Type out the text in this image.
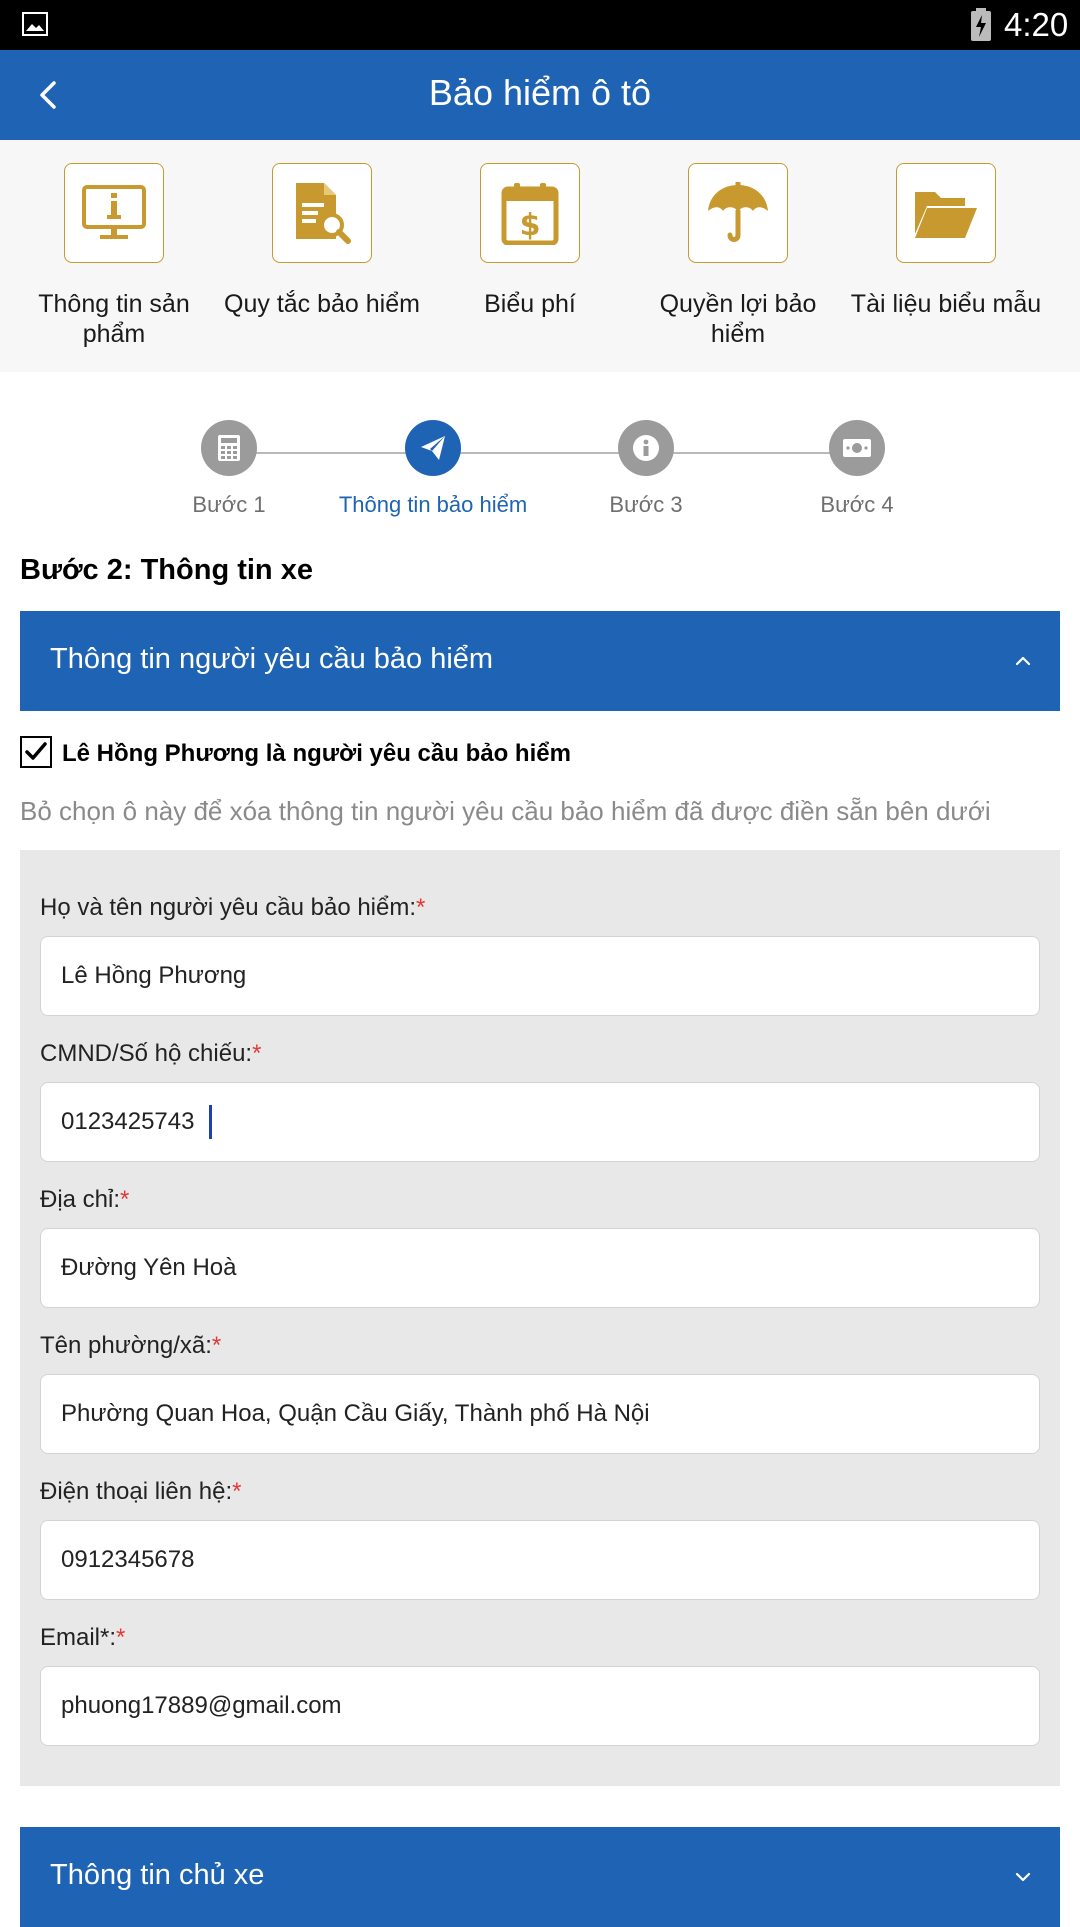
4:20
Bảo hiểm ô tô
Thông tin sản phẩm
Quy tắc bảo hiểm
$
Biểu phí	Quyền lợi bảo hiểm
Tài liệu biểu mẫu
Bước 1	Thông tin bảo hiểm	Bước 3	Bước 4
Bước 2: Thông tin xe
Thông tin người yêu cầu bảo hiểm
Lê Hồng Phương là người yêu cầu bảo hiểm
Bỏ chọn ô này để xóa thông tin người yêu cầu bảo hiểm đã được điền sẵn bên dưới
Họ và tên người yêu cầu bảo hiểm:*
Lê Hồng Phương
CMND/Số hộ chiếu:*
0123425743
Địa chỉ:*
Đường Yên Hoà
Tên phường/xã:*
Phường Quan Hoa, Quận Cầu Giấy, Thành phố Hà Nội
Điện thoại liên hệ:*
0912345678
Email*:*
phuong17889@gmail.com
Thông tin chủ xe
